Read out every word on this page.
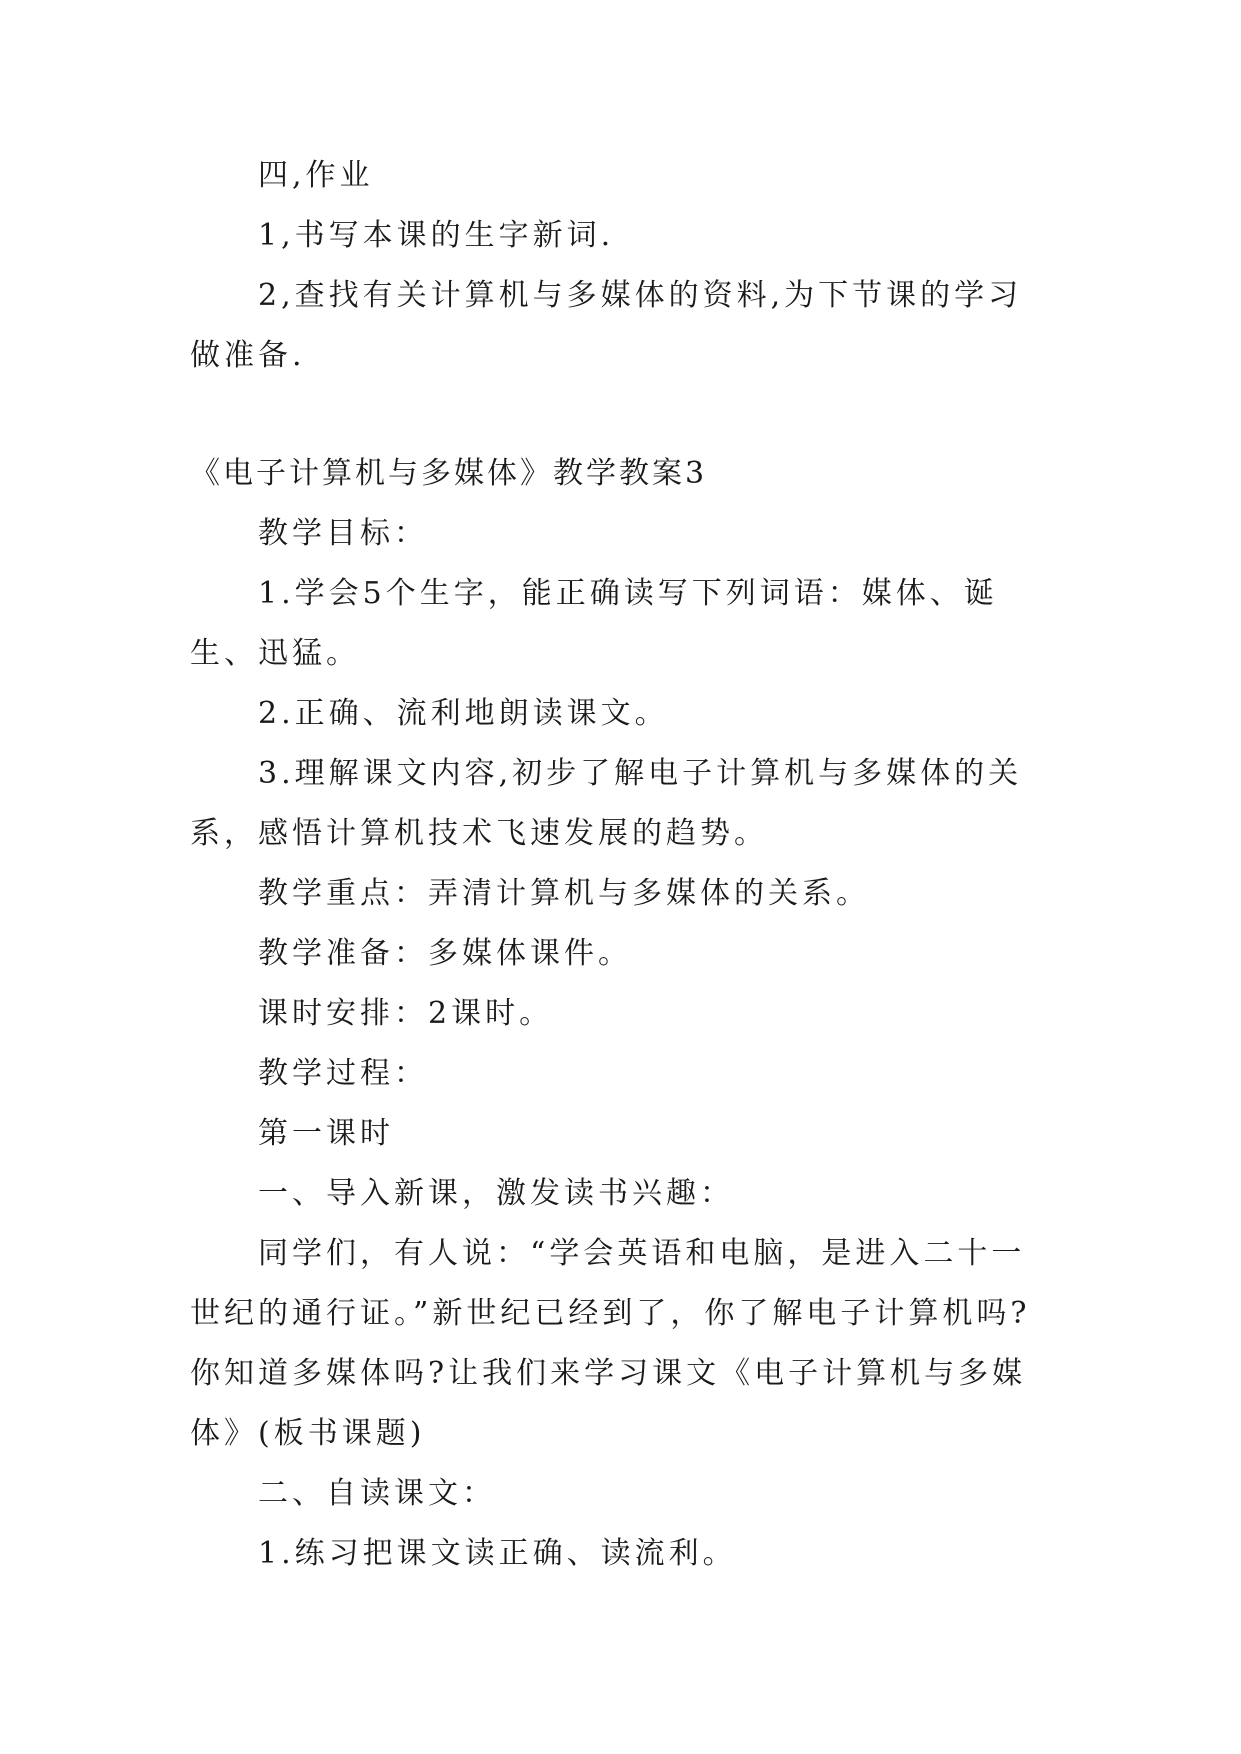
四,作业

1,书写本课的生字新词.

2,查找有关计算机与多媒体的资料,为下节课的学习做准备.

《电子计算机与多媒体》教学教案3

教学目标：

1.学会5个生字，能正确读写下列词语：媒体、诞生、迅猛。

2.正确、流利地朗读课文。

3.理解课文内容,初步了解电子计算机与多媒体的关系，感悟计算机技术飞速发展的趋势。

教学重点：弄清计算机与多媒体的关系。

教学准备：多媒体课件。

课时安排：2课时。

教学过程：

第一课时

一、导入新课，激发读书兴趣：

同学们，有人说：“学会英语和电脑，是进入二十一世纪的通行证。”新世纪已经到了，你了解电子计算机吗?你知道多媒体吗?让我们来学习课文《电子计算机与多媒体》(板书课题)

二、自读课文：

1.练习把课文读正确、读流利。
